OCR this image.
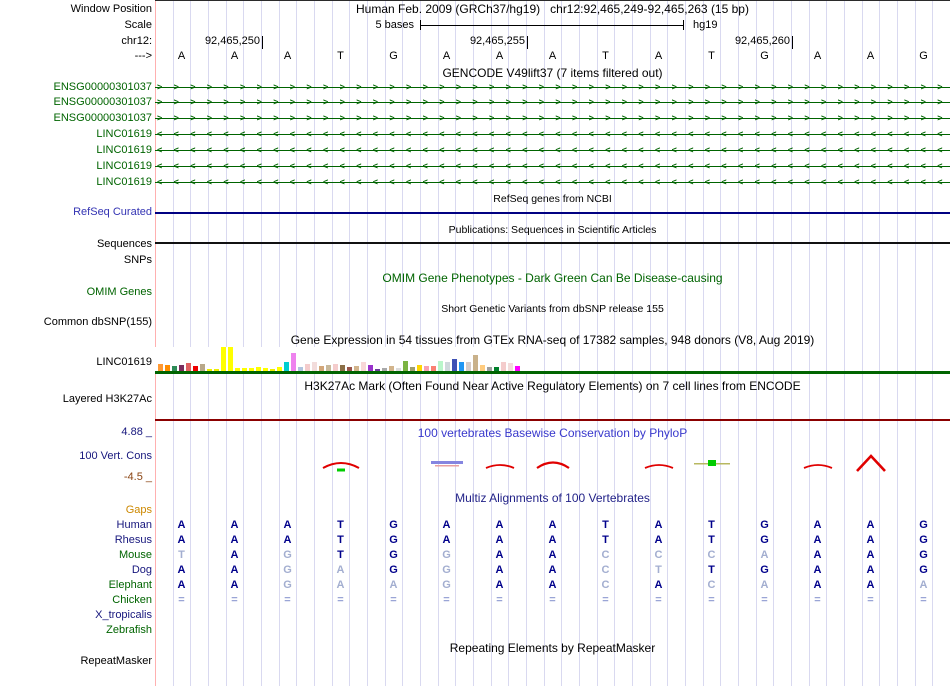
Window Position	Human Feb. 2009 (GRCh37/hg19) chr12:92,465,249-92,465,263 (15 bp)
Scale	5 bases	hg19
chr12:	92,465,250	92,465,255	92,465,260
--->	A	A	A	T	G	A	A	A	T	A	T	G	A	A	G
GENCODE V49lift37 (7 items filtered out)
ENSG00000301037 > > > > > > > > > > > > > > > > > > > > > > > > > > > > > > > > > > > > > > > > > > > > > > > >
ENSG00000301037 > > > > > > > > > > > > > > > > > > > > > > > > > > > > > > > > > > > > > > > > > > > > > > > >
ENSG00000301037 > > > > > > > > > > > > > > > > > > > > > > > > > > > > > > > > > > > > > > > > > > > > > > > >
LINC01619 < < < < < < < < < < < < < < < < < < < < < < < < < < < < < < < < < < < < < < < < < < < < < < < <
LINC01619 < < < < < < < < < < < < < < < < < < < < < < < < < < < < < < < < < < < < < < < < < < < < < < < <
LINC01619 < < < < < < < < < < < < < < < < < < < < < < < < < < < < < < < < < < < < < < < < < < < < < < < <
LINC01619 < < < < < < < < < < < < < < < < < < < < < < < < < < < < < < < < < < < < < < < < < < < < < < < <
RefSeq genes from NCBI
RefSeq Curated
Publications: Sequences in Scientific Articles
Sequences
SNPs
OMIM Gene Phenotypes - Dark Green Can Be Disease-causing
OMIM Genes
Short Genetic Variants from dbSNP release 155
Common dbSNP(155)
Gene Expression in 54 tissues from GTEx RNA-seq of 17382 samples, 948 donors (V8, Aug 2019)
LINC01619
H3K27Ac Mark (Often Found Near Active Regulatory Elements) on 7 cell lines from ENCODE
Layered H3K27Ac
4.88 _	100 vertebrates Basewise Conservation by PhyloP
100 Vert. Cons
-4.5 _
Multiz Alignments of 100 Vertebrates
Gaps
Human	A	A	A	T	G	A	A	A	T	A	T	G	A	A	G
Rhesus	A	A	A	T	G	A	A	A	T	A	T	G	A	A	G
Mouse	T	A	G	T	G	G	A	A	C	C	C	A	A	A	G
Dog	A	A	G	A	G	G	A	A	C	T	T	G	A	A	G
Elephant	A	A	G	A	A	G	A	A	C	A	C	A	A	A	A
Chicken	=	=	=	=	=	=	=	=	=	=	=	=	=	=	=
X_tropicalis
Zebrafish
Repeating Elements by RepeatMasker
RepeatMasker
